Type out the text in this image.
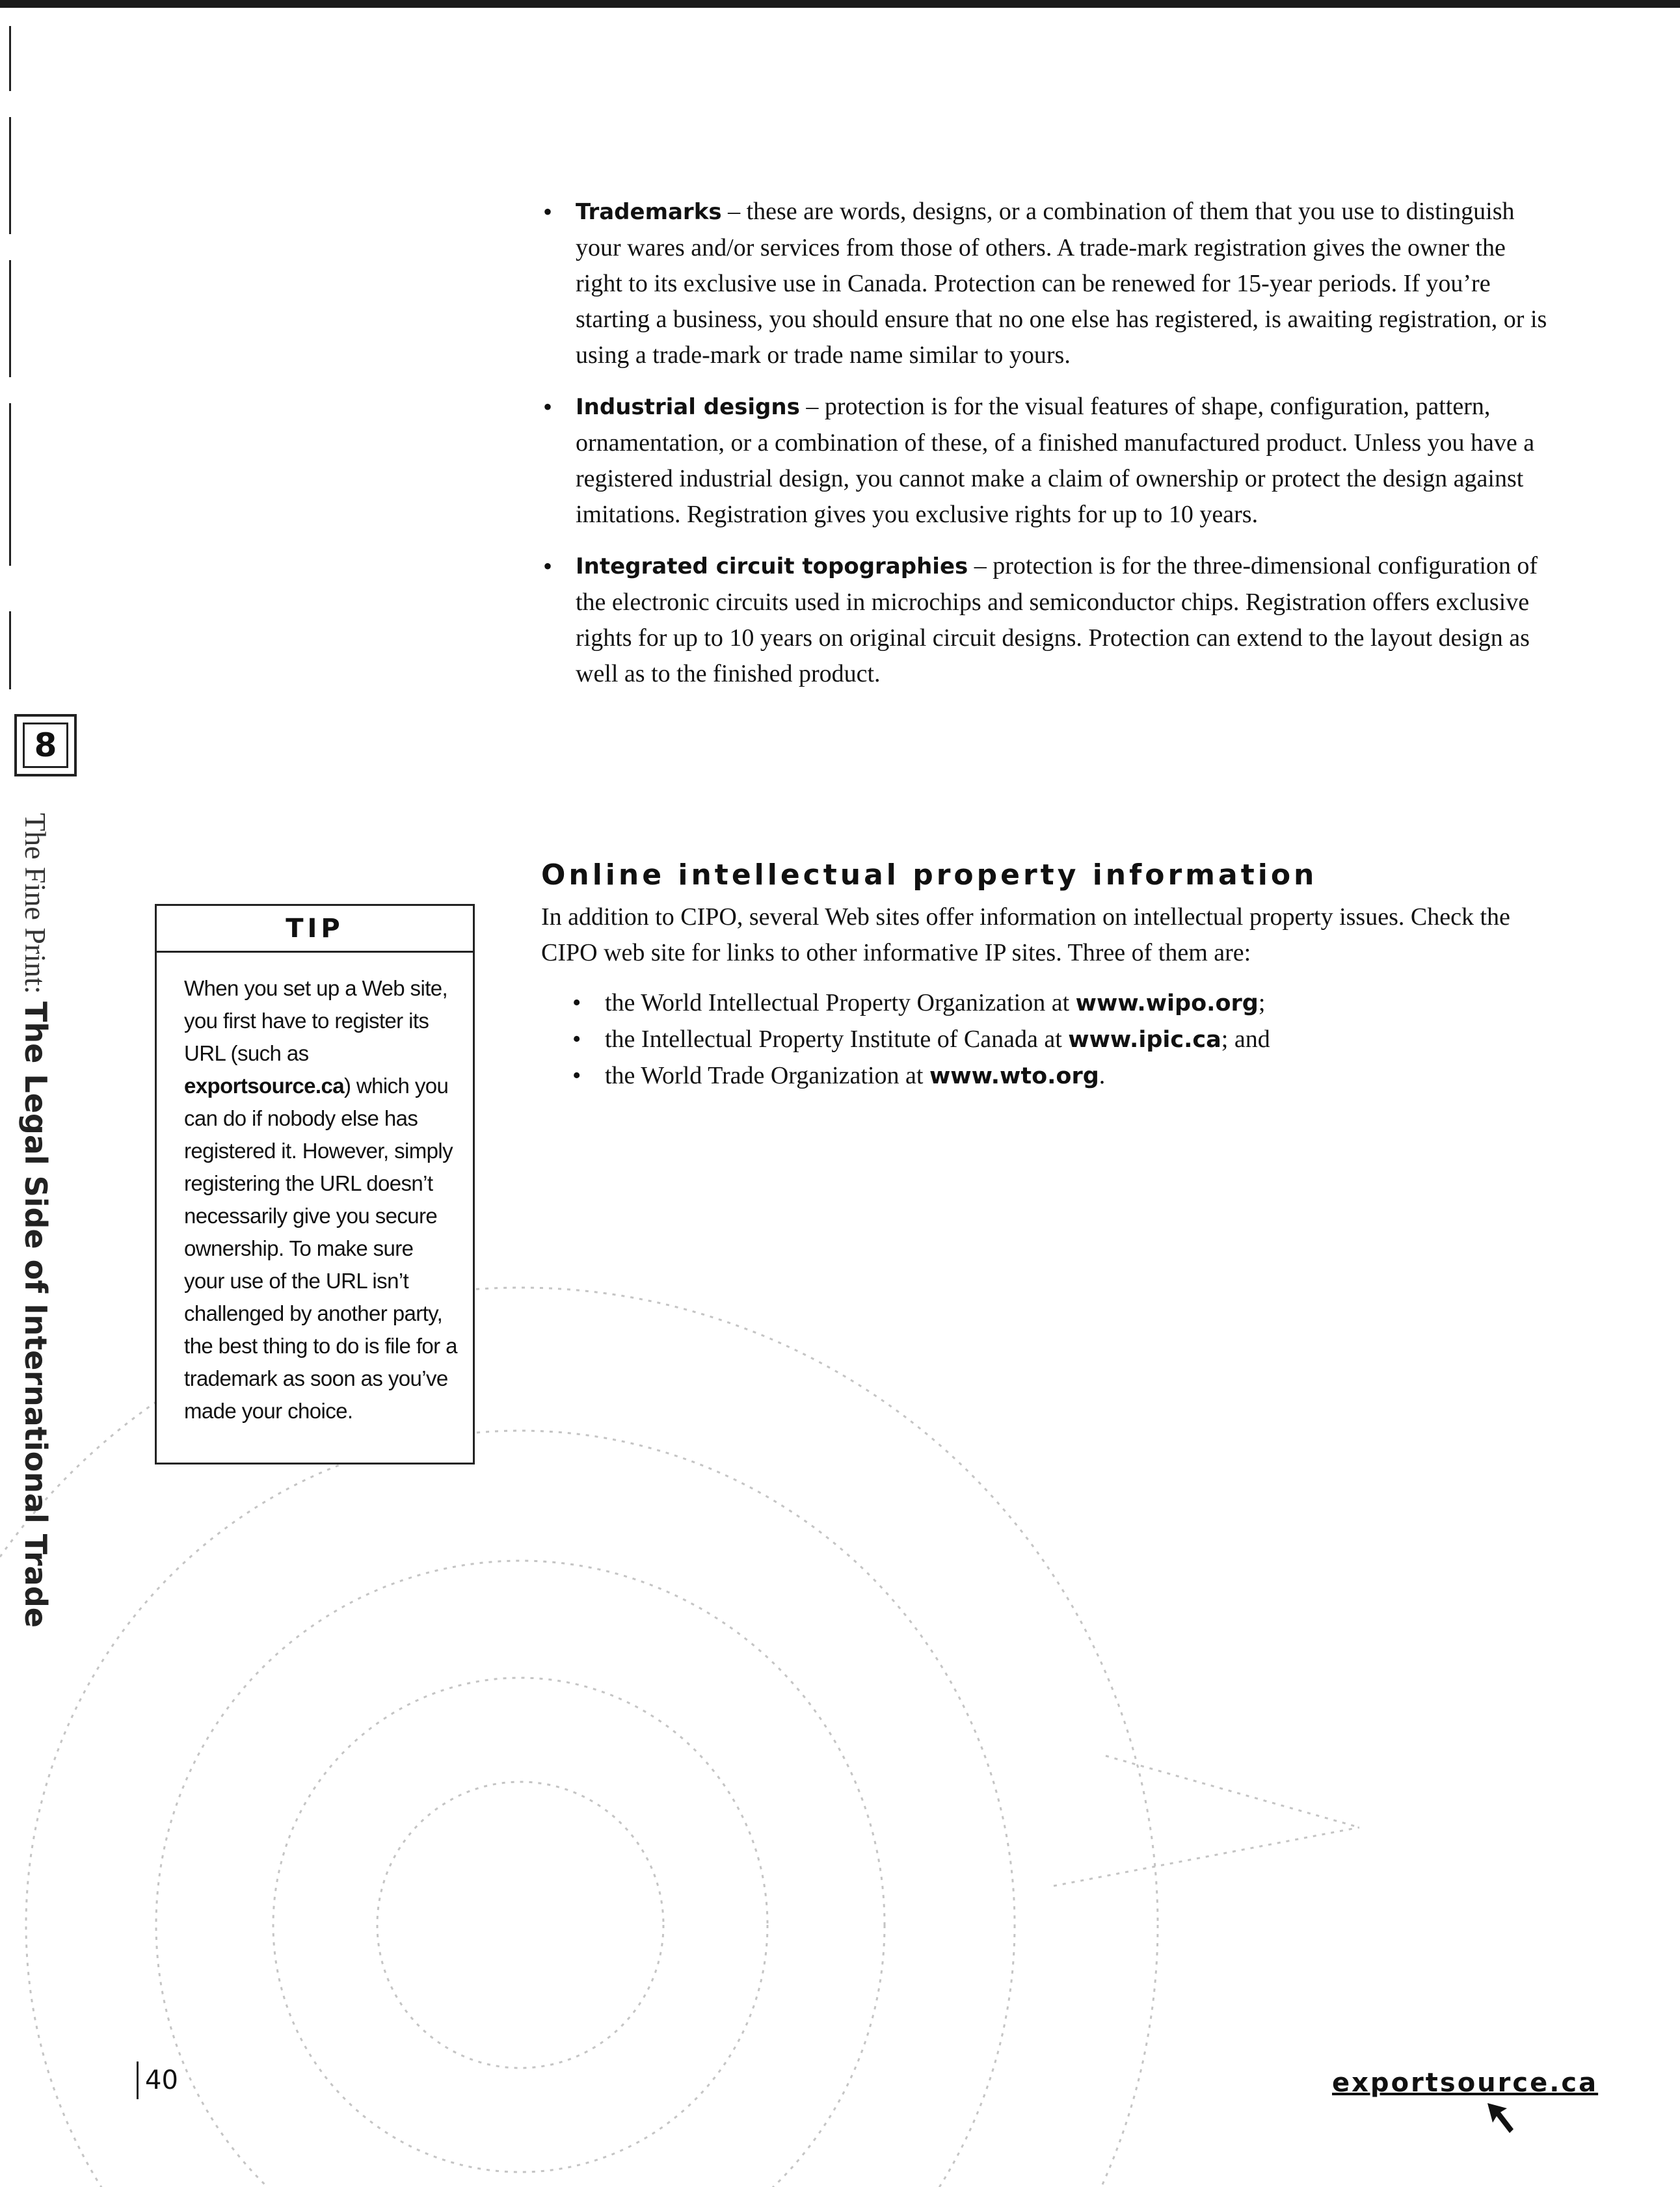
8
The Fine Print: The Legal Side of International Trade
• Trademarks – these are words, designs, or a combination of them that you use to distinguish your wares and/or services from those of others. A trade-mark registration gives the owner the right to its exclusive use in Canada. Protection can be renewed for 15-year periods. If you’re starting a business, you should ensure that no one else has registered, is awaiting registration, or is using a trade-mark or trade name similar to yours.
• Industrial designs – protection is for the visual features of shape, configuration, pattern, ornamentation, or a combination of these, of a finished manufactured product. Unless you have a registered industrial design, you cannot make a claim of ownership or protect the design against imitations. Registration gives you exclusive rights for up to 10 years.
• Integrated circuit topographies – protection is for the three-dimensional configuration of the electronic circuits used in microchips and semiconductor chips. Registration offers exclusive rights for up to 10 years on original circuit designs. Protection can extend to the layout design as well as to the finished product.
Online intellectual property information

In addition to CIPO, several Web sites offer information on intellectual property issues. Check the CIPO web site for links to other informative IP sites. Three of them are:

• the World Intellectual Property Organization at www.wipo.org;
• the Intellectual Property Institute of Canada at www.ipic.ca; and
• the World Trade Organization at www.wto.org.
TIP
When you set up a Web site, you first have to register its URL (such as exportsource.ca) which you can do if nobody else has registered it. However, simply registering the URL doesn’t necessarily give you secure ownership. To make sure your use of the URL isn’t challenged by another party, the best thing to do is file for a trademark as soon as you’ve made your choice.
40	exportsource.ca
